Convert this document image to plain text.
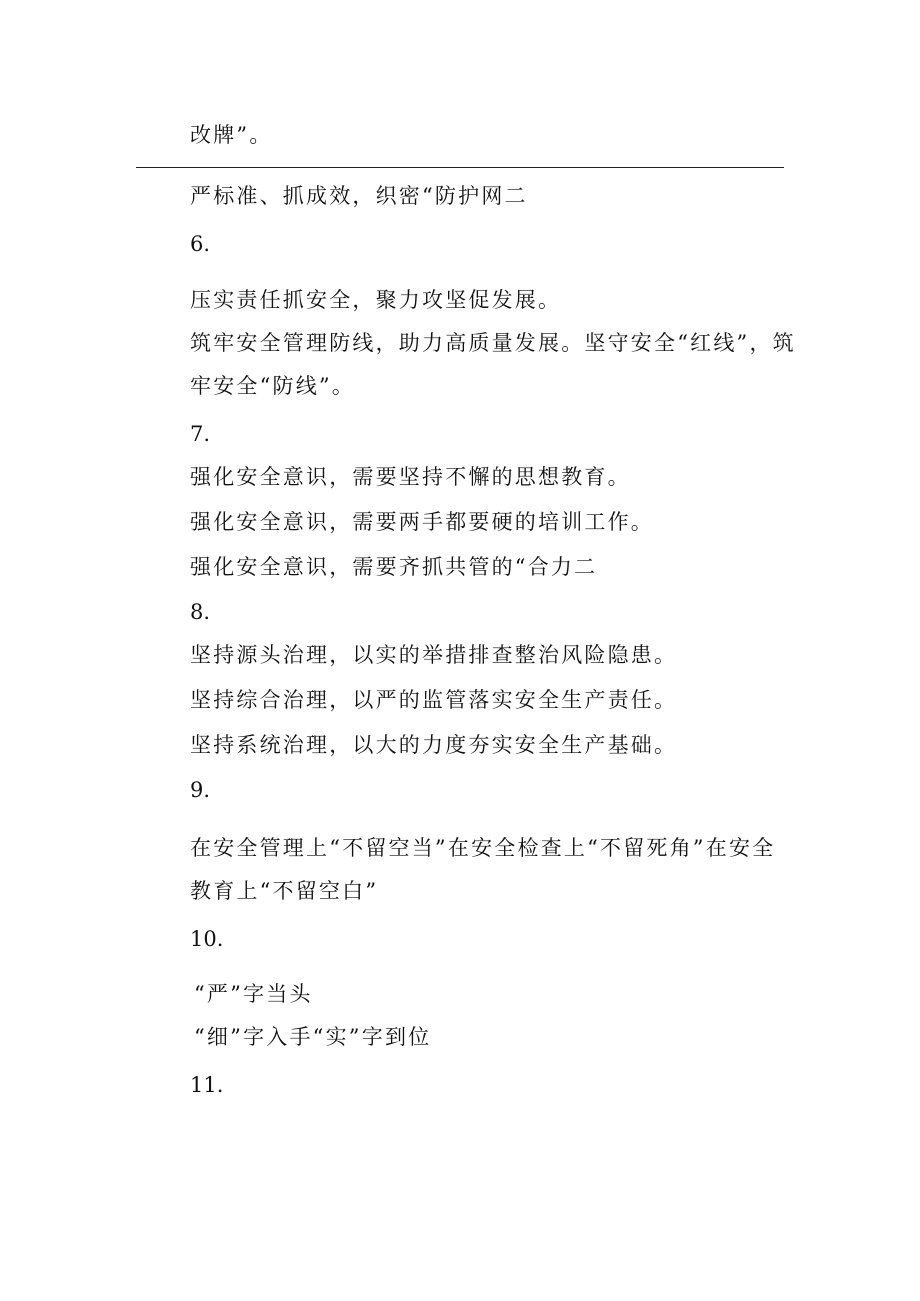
改牌”。
严标准、抓成效，织密“防护网二
6.
压实责任抓安全，聚力攻坚促发展。
筑牢安全管理防线，助力高质量发展。坚守安全“红线”，筑
牢安全“防线”。
7.
强化安全意识，需要坚持不懈的思想教育。
强化安全意识，需要两手都要硬的培训工作。
强化安全意识，需要齐抓共管的“合力二
8.
坚持源头治理，以实的举措排查整治风险隐患。
坚持综合治理，以严的监管落实安全生产责任。
坚持系统治理，以大的力度夯实安全生产基础。
9.
在安全管理上“不留空当”在安全检查上“不留死角”在安全
教育上“不留空白”
10.
“严”字当头
“细”字入手“实”字到位
11.
